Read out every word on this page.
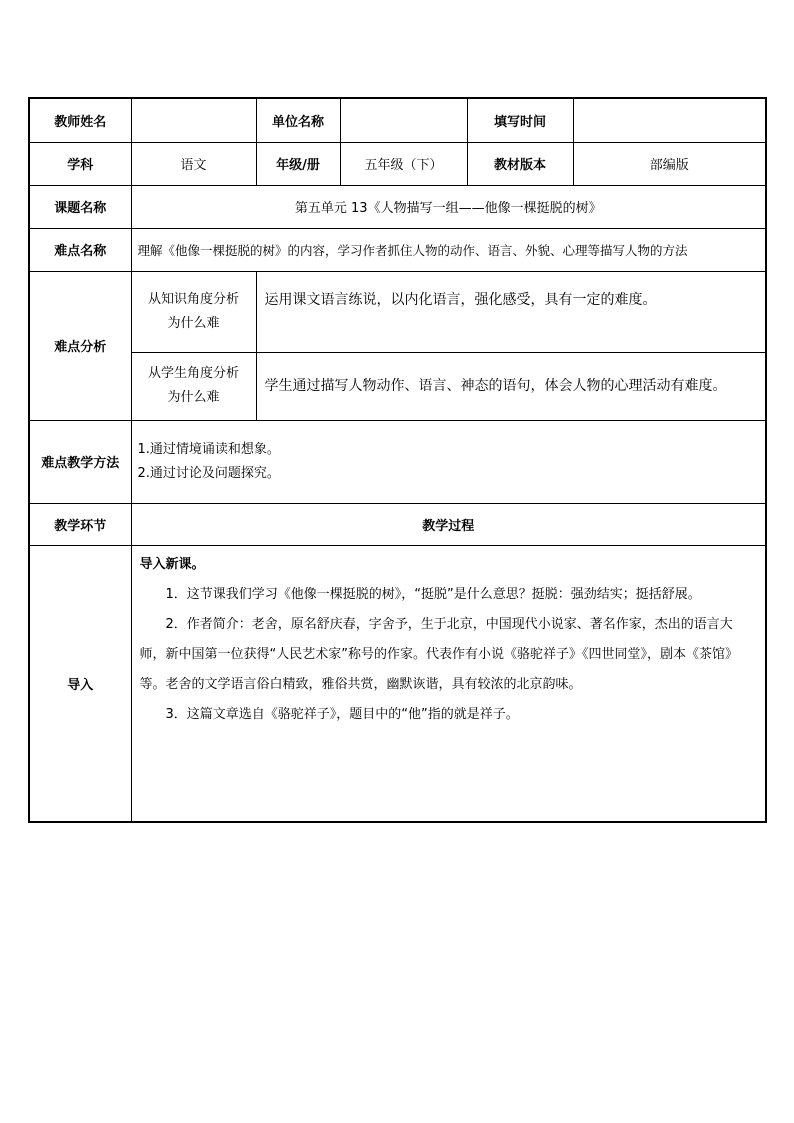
教师姓名		单位名称		填写时间	
学科	语文	年级/册	五年级（下）	教材版本	部编版
课题名称	第五单元 13《人物描写一组——他像一棵挺脱的树》				
难点名称	理解《他像一棵挺脱的树》的内容，学习作者抓住人物的动作、语言、外貌、心理等描写人物的方法				
难点分析	从知识角度分析为什么难	运用课文语言练说，以内化语言，强化感受，具有一定的难度。			
	从学生角度分析为什么难	学生通过描写人物动作、语言、神态的语句，体会人物的心理活动有难度。			
难点教学方法	1.通过情境诵读和想象。
2.通过讨论及问题探究。				

教学环节	教学过程				
导入	导入新课。
1．这节课我们学习《他像一棵挺脱的树》，“挺脱”是什么意思？挺脱：强劲结实；挺括舒展。
2．作者简介：老舍，原名舒庆春，字舍予，生于北京，中国现代小说家、著名作家，杰出的语言大师，新中国第一位获得“人民艺术家”称号的作家。代表作有小说《骆驼祥子》《四世同堂》，剧本《茶馆》等。老舍的文学语言俗白精致，雅俗共赏，幽默诙谐，具有较浓的北京韵味。
3．这篇文章选自《骆驼祥子》，题目中的“他”指的就是祥子。				
